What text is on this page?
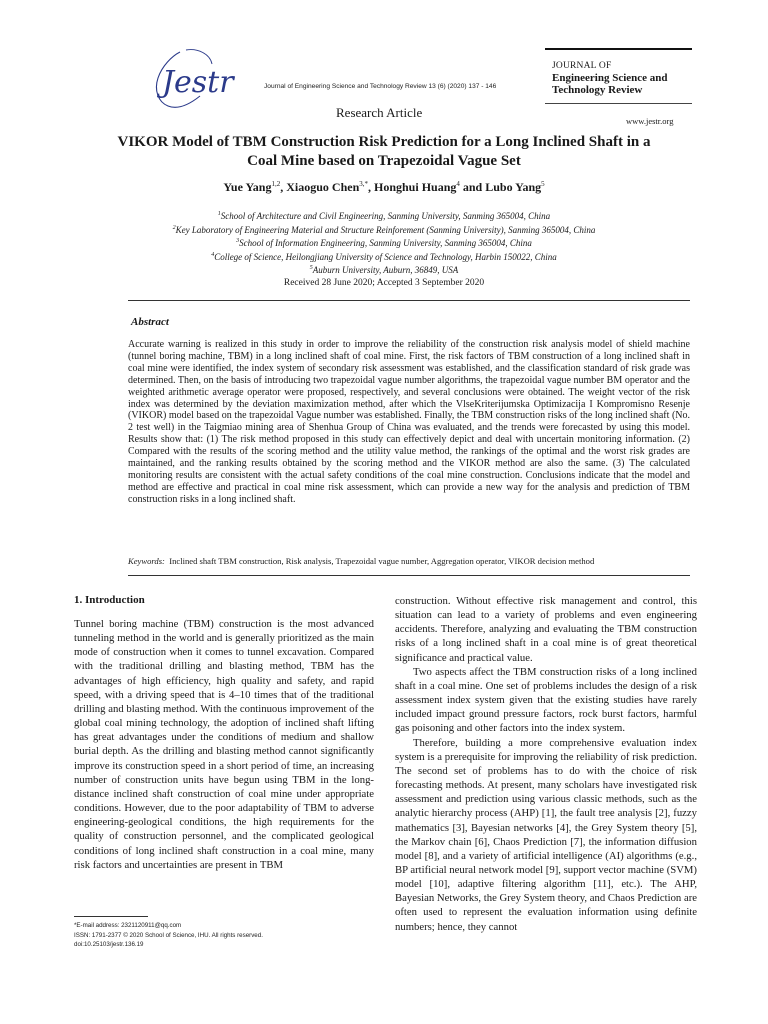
Jestr	Journal of Engineering Science and Technology Review 13 (6) (2020) 137 - 146
Research Article
JOURNAL OF
Engineering Science and
Technology Review
www.jestr.org
VIKOR Model of TBM Construction Risk Prediction for a Long Inclined Shaft in a Coal Mine based on Trapezoidal Vague Set
Yue Yang$^{1,2}$, Xiaoguo Chen$^{3,*}$, Honghui Huang$^4$ and Lubo Yang$^5$
$^1$School of Architecture and Civil Engineering, Sanming University, Sanming 365004, China
$^2$Key Laboratory of Engineering Material and Structure Reinforement (Sanming University), Sanming 365004, China
$^3$School of Information Engineering, Sanming University, Sanming 365004, China
$^4$College of Science, Heilongjiang University of Science and Technology, Harbin 150022, China
$^5$Auburn University, Auburn, 36849, USA
Received 28 June 2020; Accepted 3 September 2020
Abstract
Accurate warning is realized in this study in order to improve the reliability of the construction risk analysis model of shield machine (tunnel boring machine, TBM) in a long inclined shaft of coal mine. First, the risk factors of TBM construction of a long inclined shaft in coal mine were identified, the index system of secondary risk assessment was established, and the classification standard of risk grade was determined. Then, on the basis of introducing two trapezoidal vague number algorithms, the trapezoidal vague number BM operator and the weighted arithmetic average operator were proposed, respectively, and several conclusions were obtained. The weight vector of the risk index was determined by the deviation maximization method, after which the VlseKriterijumska Optimizacija I Kompromisno Resenje (VIKOR) model based on the trapezoidal Vague number was established. Finally, the TBM construction risks of the long inclined shaft (No. 2 test well) in the Taigmiao mining area of Shenhua Group of China was evaluated, and the trends were forecasted by using this model. Results show that: (1) The risk method proposed in this study can effectively depict and deal with uncertain monitoring information. (2) Compared with the results of the scoring method and the utility value method, the rankings of the optimal and the worst risk grades are maintained, and the ranking results obtained by the scoring method and the VIKOR method are also the same. (3) The calculated monitoring results are consistent with the actual safety conditions of the coal mine construction. Conclusions indicate that the model and method are effective and practical in coal mine risk assessment, which can provide a new way for the analysis and prediction of TBM construction risks in a long inclined shaft.
Keywords: Inclined shaft TBM construction, Risk analysis, Trapezoidal vague number, Aggregation operator, VIKOR decision method
1. Introduction

Tunnel boring machine (TBM) construction is the most advanced tunneling method in the world and is generally prioritized as the main mode of construction when it comes to tunnel excavation. Compared with the traditional drilling and blasting method, TBM has the advantages of high efficiency, high quality and safety, and rapid speed, with a driving speed that is 4–10 times that of the traditional drilling and blasting method. With the continuous improvement of the global coal mining technology, the adoption of inclined shaft lifting has great advantages under the conditions of medium and shallow burial depth. As the drilling and blasting method cannot significantly improve its construction speed in a short period of time, an increasing number of construction units have begun using TBM in the long-distance inclined shaft construction of coal mine under appropriate conditions. However, due to the poor adaptability of TBM to adverse engineering-geological conditions, the high requirements for the quality of construction personnel, and the complicated geological conditions of long inclined shaft construction in a coal mine, many risk factors and uncertainties are present in TBM

construction. Without effective risk management and control, this situation can lead to a variety of problems and even engineering accidents. Therefore, analyzing and evaluating the TBM construction risks of a long inclined shaft in a coal mine is of great theoretical significance and practical value.

Two aspects affect the TBM construction risks of a long inclined shaft in a coal mine. One set of problems includes the design of a risk assessment index system given that the existing studies have rarely included impact ground pressure factors, rock burst factors, harmful gas poisoning and other factors into the index system.

Therefore, building a more comprehensive evaluation index system is a prerequisite for improving the reliability of risk prediction. The second set of problems has to do with the choice of risk forecasting methods. At present, many scholars have investigated risk assessment and prediction using various classic methods, such as the analytic hierarchy process (AHP) [1], the fault tree analysis [2], fuzzy mathematics [3], Bayesian networks [4], the Grey System theory [5], the Markov chain [6], Chaos Prediction [7], the information diffusion model [8], and a variety of artificial intelligence (AI) algorithms (e.g., BP artificial neural network model [9], support vector machine (SVM) model [10], adaptive filtering algorithm [11], etc.). The AHP, Bayesian Networks, the Grey System theory, and Chaos Prediction are often used to represent the evaluation information using definite numbers; hence, they cannot

*E-mail address: 2321120911@qq.com
ISSN: 1791-2377 © 2020 School of Science, IHU. All rights reserved.
doi:10.25103/jestr.136.19
